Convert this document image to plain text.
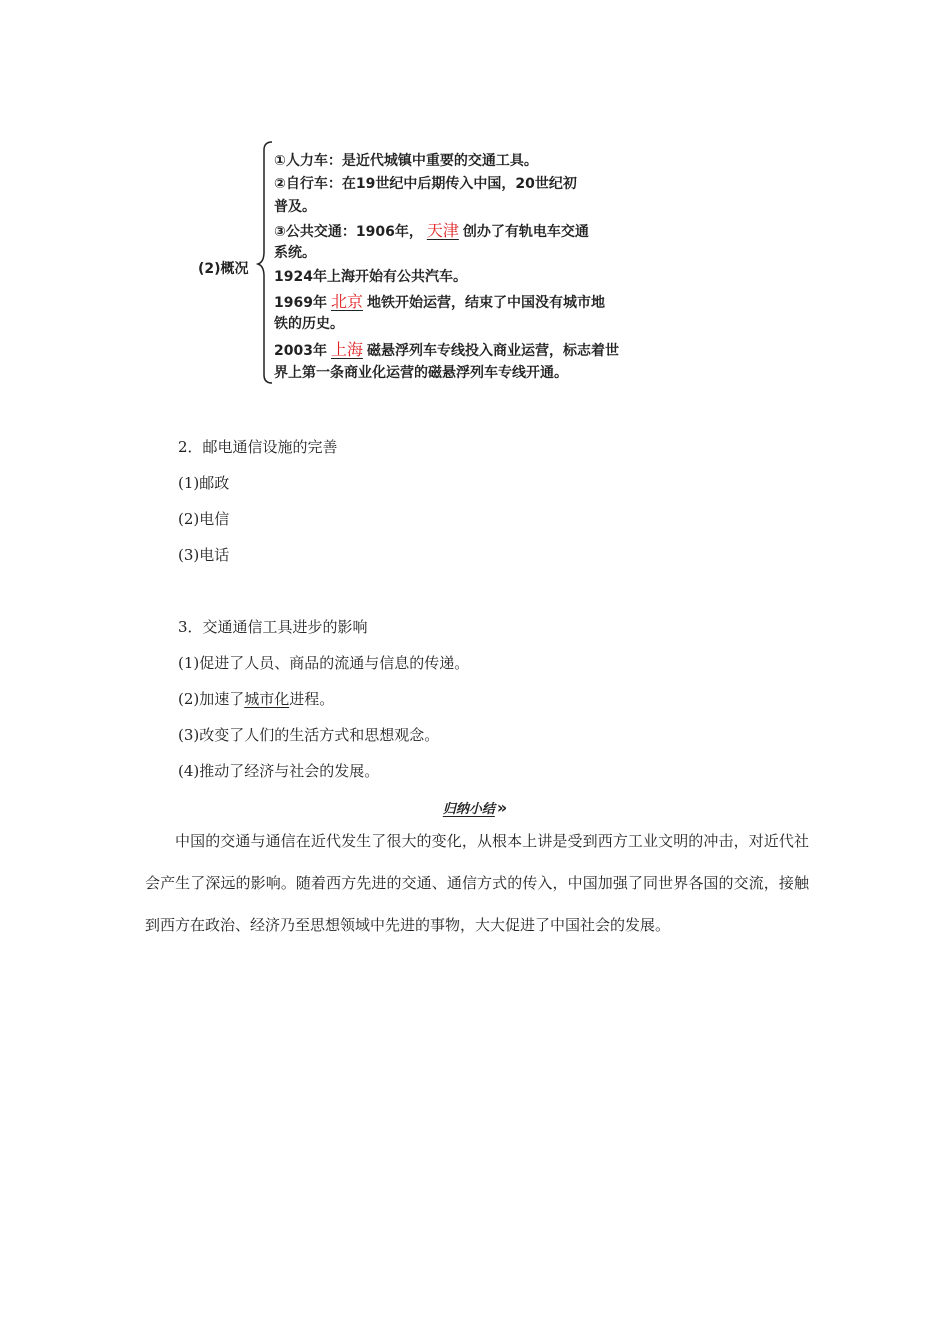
(2)概况
①人力车：是近代城镇中重要的交通工具。
②自行车：在19世纪中后期传入中国，20世纪初
普及。
③公共交通：1906年， 天津 创办了有轨电车交通
系统。
1924年上海开始有公共汽车。
1969年 北京 地铁开始运营，结束了中国没有城市地
铁的历史。
2003年 上海 磁悬浮列车专线投入商业运营，标志着世
界上第一条商业化运营的磁悬浮列车专线开通。
2．邮电通信设施的完善
(1)邮政
(2)电信
(3)电话
3．交通通信工具进步的影响
(1)促进了人员、商品的流通与信息的传递。
(2)加速了城市化进程。
(3)改变了人们的生活方式和思想观念。
(4)推动了经济与社会的发展。
归纳小结 »
中国的交通与通信在近代发生了很大的变化，从根本上讲是受到西方工业文明的冲击，对近代社会产生了深远的影响。随着西方先进的交通、通信方式的传入，中国加强了同世界各国的交流，接触到西方在政治、经济乃至思想领域中先进的事物，大大促进了中国社会的发展。
